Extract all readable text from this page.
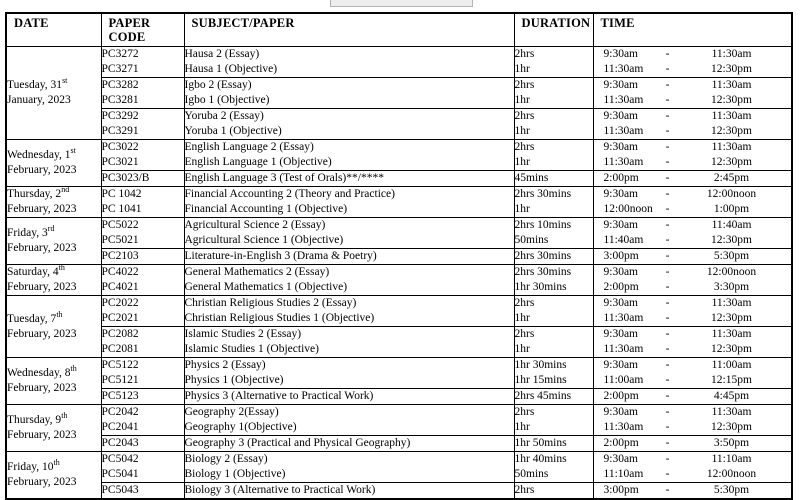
DATE	PAPER CODE	SUBJECT/PAPER	DURATION	TIME

Tuesday, 31st
January, 2023	PC3272	Hausa 2 (Essay)	2hrs	9:30am - 11:30am
	PC3271	Hausa 1 (Objective)	1hr	11:30am - 12:30pm
	PC3282	Igbo 2 (Essay)	2hrs	9:30am - 11:30am
	PC3281	Igbo 1 (Objective)	1hr	11:30am - 12:30pm
	PC3292	Yoruba 2 (Essay)	2hrs	9:30am - 11:30am
	PC3291	Yoruba 1 (Objective)	1hr	11:30am - 12:30pm

Wednesday, 1st
February, 2023	PC3022	English Language 2 (Essay)	2hrs	9:30am - 11:30am
	PC3021	English Language 1 (Objective)	1hr	11:30am - 12:30pm
	PC3023/B	English Language 3 (Test of Orals)**/****	45mins	2:00pm - 2:45pm

Thursday, 2nd
February, 2023	PC 1042	Financial Accounting 2 (Theory and Practice)	2hrs 30mins	9:30am - 12:00noon
	PC 1041	Financial Accounting 1 (Objective)	1hr	12:00noon - 1:00pm

Friday, 3rd
February, 2023	PC5022	Agricultural Science 2 (Essay)	2hrs 10mins	9:30am - 11:40am
	PC5021	Agricultural Science 1 (Objective)	50mins	11:40am - 12:30pm
	PC2103	Literature-in-English 3 (Drama & Poetry)	2hrs 30mins	3:00pm - 5:30pm

Saturday, 4th
February, 2023	PC4022	General Mathematics 2 (Essay)	2hrs 30mins	9:30am - 12:00noon
	PC4021	General Mathematics 1 (Objective)	1hr 30mins	2:00pm - 3:30pm

Tuesday, 7th
February, 2023	PC2022	Christian Religious Studies 2 (Essay)	2hrs	9:30am - 11:30am
	PC2021	Christian Religious Studies 1 (Objective)	1hr	11:30am - 12:30pm
	PC2082	Islamic Studies 2 (Essay)	2hrs	9:30am - 11:30am
	PC2081	Islamic Studies 1 (Objective)	1hr	11:30am - 12:30pm

Wednesday, 8th
February, 2023	PC5122	Physics 2 (Essay)	1hr 30mins	9:30am - 11:00am
	PC5121	Physics 1 (Objective)	1hr 15mins	11:00am - 12:15pm
	PC5123	Physics 3 (Alternative to Practical Work)	2hrs 45mins	2:00pm - 4:45pm

Thursday, 9th
February, 2023	PC2042	Geography 2(Essay)	2hrs	9:30am - 11:30am
	PC2041	Geography 1(Objective)	1hr	11:30am - 12:30pm
	PC2043	Geography 3 (Practical and Physical Geography)	1hr 50mins	2:00pm - 3:50pm

Friday, 10th
February, 2023	PC5042	Biology 2 (Essay)	1hr 40mins	9:30am - 11:10am
	PC5041	Biology 1 (Objective)	50mins	11:10am - 12:00noon
	PC5043	Biology 3 (Alternative to Practical Work)	2hrs	3:00pm - 5:30pm
